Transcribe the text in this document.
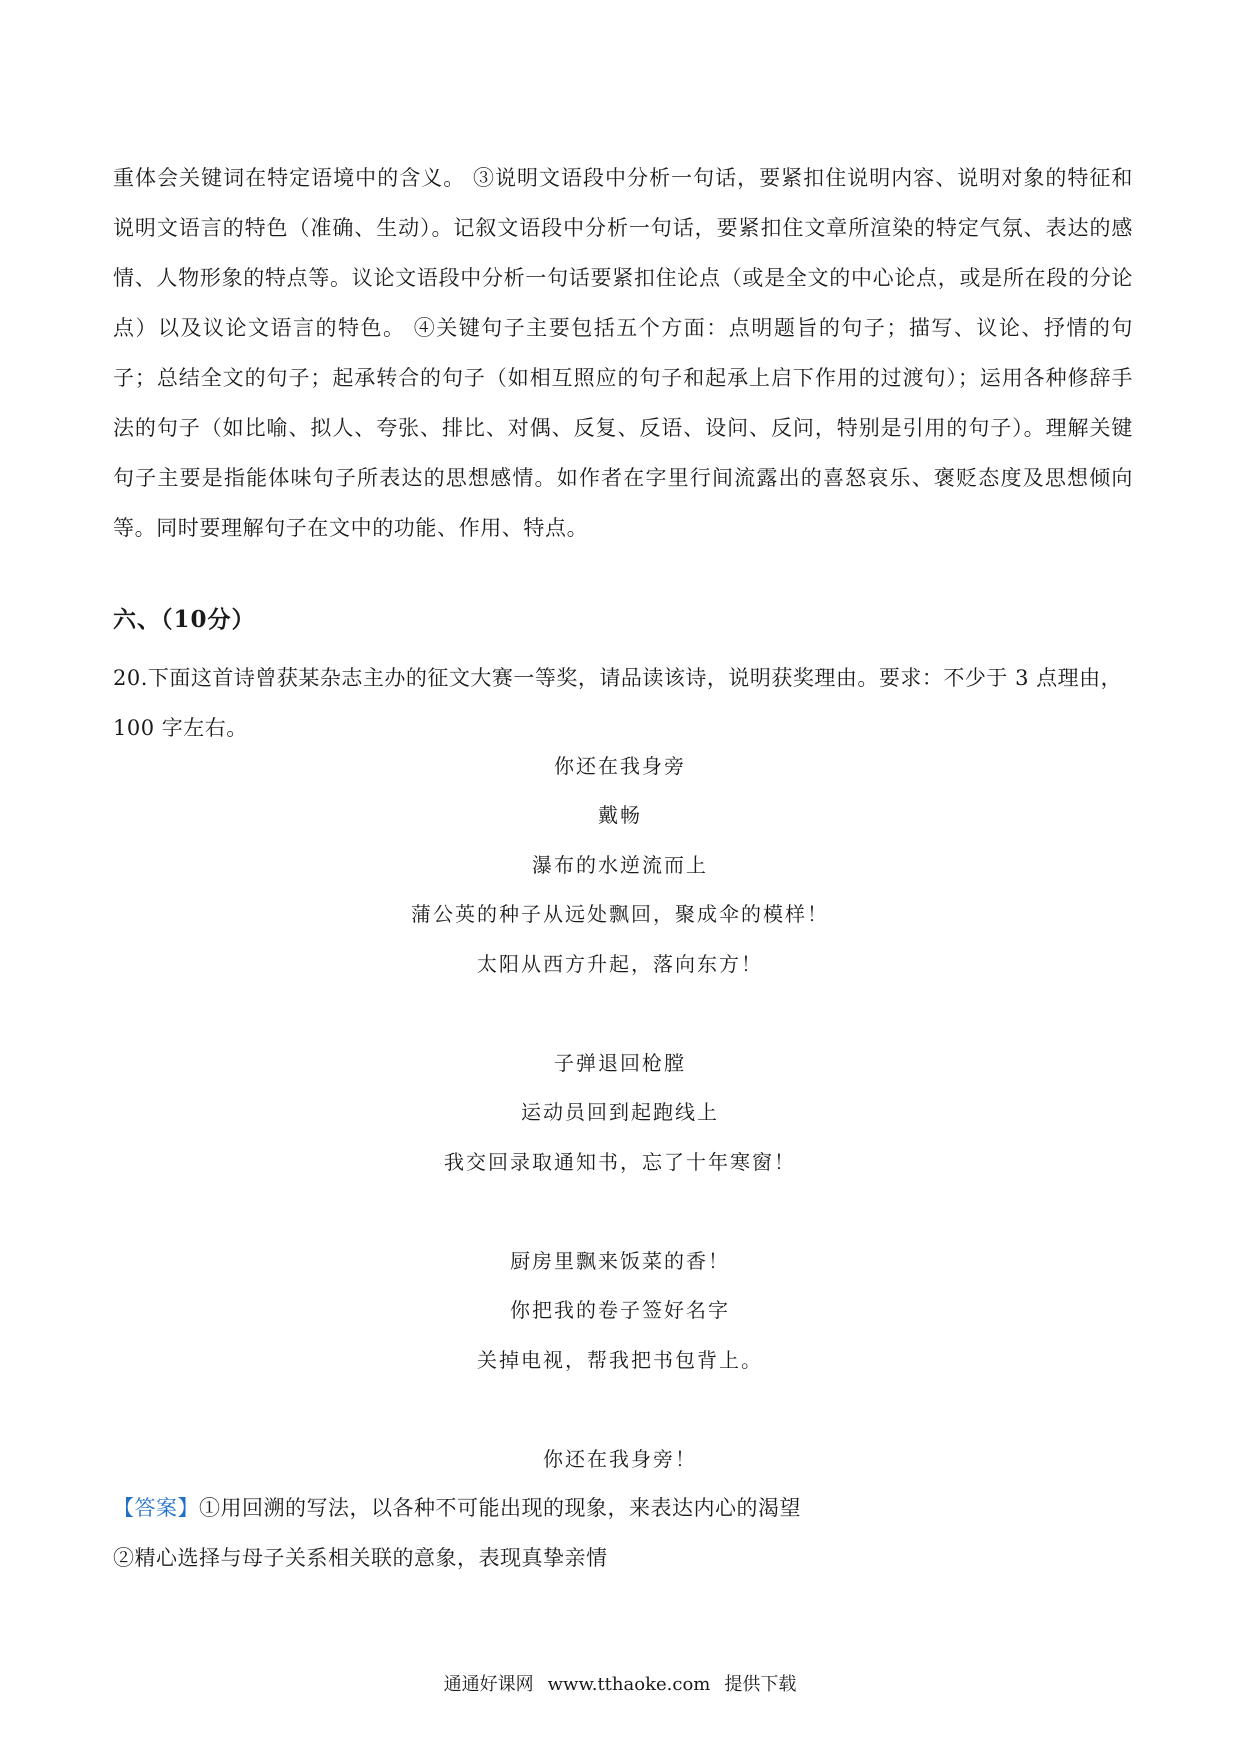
重体会关键词在特定语境中的含义。 ③说明文语段中分析一句话，要紧扣住说明内容、说明对象的特征和说明文语言的特色（准确、生动）。记叙文语段中分析一句话，要紧扣住文章所渲染的特定气氛、表达的感情、人物形象的特点等。议论文语段中分析一句话要紧扣住论点（或是全文的中心论点，或是所在段的分论点）以及议论文语言的特色。 ④关键句子主要包括五个方面：点明题旨的句子；描写、议论、抒情的句子；总结全文的句子；起承转合的句子（如相互照应的句子和起承上启下作用的过渡句）；运用各种修辞手法的句子（如比喻、拟人、夸张、排比、对偶、反复、反语、设问、反问，特别是引用的句子）。理解关键句子主要是指能体味句子所表达的思想感情。如作者在字里行间流露出的喜怒哀乐、褒贬态度及思想倾向等。同时要理解句子在文中的功能、作用、特点。

六、（10分）

20.下面这首诗曾获某杂志主办的征文大赛一等奖，请品读该诗，说明获奖理由。要求：不少于 3 点理由，100 字左右。

你还在我身旁
戴畅
瀑布的水逆流而上
蒲公英的种子从远处飘回，聚成伞的模样！
太阳从西方升起，落向东方！
子弹退回枪膛
运动员回到起跑线上
我交回录取通知书，忘了十年寒窗！
厨房里飘来饭菜的香！
你把我的卷子签好名字
关掉电视，帮我把书包背上。
你还在我身旁！
【答案】①用回溯的写法，以各种不可能出现的现象，来表达内心的渴望
②精心选择与母子关系相关联的意象，表现真挚亲情
通通好课网 www.tthaoke.com 提供下载
